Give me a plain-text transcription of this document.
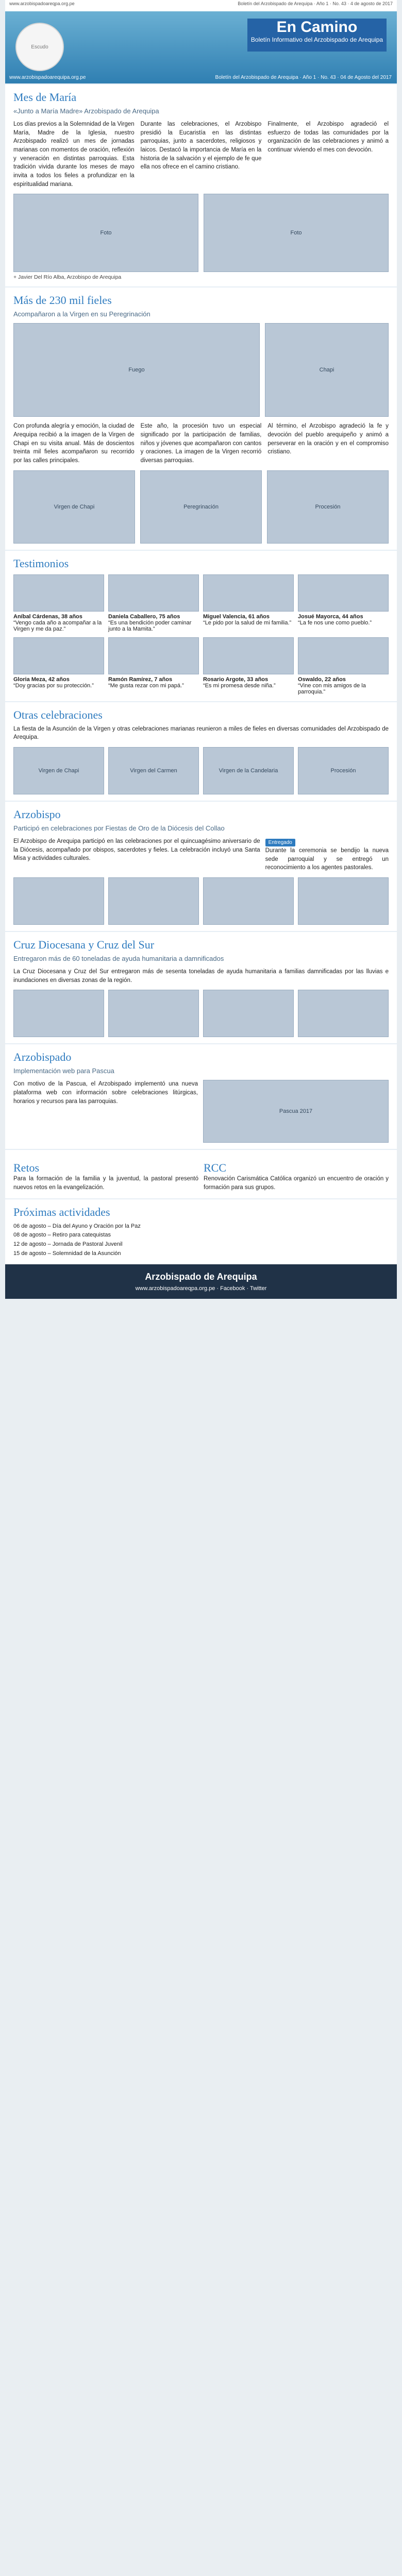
www.arzobispadoareqpa.org.pe	Boletín del Arzobispado de Arequipa · Año 1 · No. 43 · 4 de agosto de 2017
Escudo
En Camino
Boletín Informativo del Arzobispado de Arequipa
www.arzobispadoarequipa.org.pe	Boletín del Arzobispado de Arequipa · Año 1 · No. 43 · 04 de Agosto del 2017
Mes de María
«Junto a María Madre» Arzobispado de Arequipa
Los días previos a la Solemnidad de la Virgen María, Madre de la Iglesia, nuestro Arzobispado realizó un mes de jornadas marianas con momentos de oración, reflexión y veneración en distintas parroquias. Esta tradición vivida durante los meses de mayo invita a todos los fieles a profundizar en la espiritualidad mariana.
Durante las celebraciones, el Arzobispo presidió la Eucaristía en las distintas parroquias, junto a sacerdotes, religiosos y laicos. Destacó la importancia de María en la historia de la salvación y el ejemplo de fe que ella nos ofrece en el camino cristiano.
Finalmente, el Arzobispo agradeció el esfuerzo de todas las comunidades por la organización de las celebraciones y animó a continuar viviendo el mes con devoción.
Foto	Foto
+ Javier Del Río Alba, Arzobispo de Arequipa
Más de 230 mil fieles
Acompañaron a la Virgen en su Peregrinación
Fuego	Chapi
Con profunda alegría y emoción, la ciudad de Arequipa recibió a la imagen de la Virgen de Chapi en su visita anual. Más de doscientos treinta mil fieles acompañaron su recorrido por las calles principales.
Este año, la procesión tuvo un especial significado por la participación de familias, niños y jóvenes que acompañaron con cantos y oraciones. La imagen de la Virgen recorrió diversas parroquias.
Al término, el Arzobispo agradeció la fe y devoción del pueblo arequipeño y animó a perseverar en la oración y en el compromiso cristiano.
Virgen de Chapi	Peregrinación	Procesión
Testimonios
Aníbal Cárdenas, 38 años
“Vengo cada año a acompañar a la Virgen y me da paz.”
Daniela Caballero, 75 años
“Es una bendición poder caminar junto a la Mamita.”
Miguel Valencia, 61 años
“Le pido por la salud de mi familia.”
Josué Mayorca, 44 años
“La fe nos une como pueblo.”
Gloria Meza, 42 años
“Doy gracias por su protección.”
Ramón Ramírez, 7 años
“Me gusta rezar con mi papá.”
Rosario Argote, 33 años
“Es mi promesa desde niña.”
Oswaldo, 22 años
“Vine con mis amigos de la parroquia.”
Otras celebraciones
La fiesta de la Asunción de la Virgen y otras celebraciones marianas reunieron a miles de fieles en diversas comunidades del Arzobispado de Arequipa.
Virgen de Chapi	Virgen del Carmen	Virgen de la Candelaria	Procesión
Arzobispo
Participó en celebraciones por Fiestas de Oro de la Diócesis del Collao
El Arzobispo de Arequipa participó en las celebraciones por el quincuagésimo aniversario de la Diócesis, acompañado por obispos, sacerdotes y fieles. La celebración incluyó una Santa Misa y actividades culturales.
Entregado
Durante la ceremonia se bendijo la nueva sede parroquial y se entregó un reconocimiento a los agentes pastorales.
Cruz Diocesana y Cruz del Sur
Entregaron más de 60 toneladas de ayuda humanitaria a damnificados
La Cruz Diocesana y Cruz del Sur entregaron más de sesenta toneladas de ayuda humanitaria a familias damnificadas por las lluvias e inundaciones en diversas zonas de la región.
Arzobispado
Implementación web para Pascua
Con motivo de la Pascua, el Arzobispado implementó una nueva plataforma web con información sobre celebraciones litúrgicas, horarios y recursos para las parroquias.
Pascua 2017
Retos
Para la formación de la familia y la juventud, la pastoral presentó nuevos retos en la evangelización.
RCC
Renovación Carismática Católica organizó un encuentro de oración y formación para sus grupos.
Próximas actividades
06 de agosto – Día del Ayuno y Oración por la Paz
08 de agosto – Retiro para catequistas
12 de agosto – Jornada de Pastoral Juvenil
15 de agosto – Solemnidad de la Asunción
Arzobispado de Arequipa
www.arzobispadoareqpa.org.pe · Facebook · Twitter
